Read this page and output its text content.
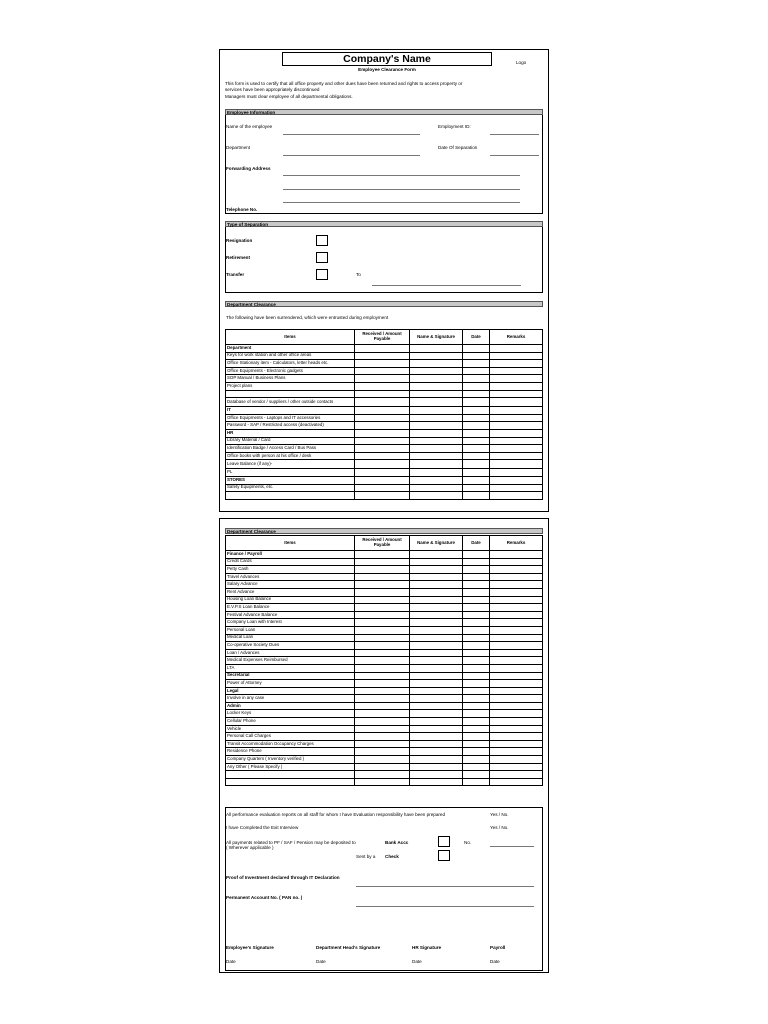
Company's Name
Employee Clearance Form
Logo
This form is used to certify that all office property and other dues have been returned and rights to access property or
services have been appropriately discontinued
Managers must clear employee of all departmental obligations.
Employee Information
Name of the employee	Employment ID:
Department	Date Of Separation
Forwarding Address
Telephone No.
Type of Separation
Resignation
Retirement
Transfer	To
Department Clearance
The following have been surrendered, which were entrusted during employment
Items	Received / Amount Payable	Name & Signature	Date	Remarks
Department				
Keys for work station and other office areas				
Office Stationary item - Calculators, letter heads etc.				
Office Equipments - Electronic gadgets				
SOP Manual / Business Plans				
Project plans				

Database of vendor / suppliers / other outside contacts				
IT				
Office Equipments - Laptops and IT accessories				
Password - SAP / Restricted access (deactivated)				
HR				
Library Material / Card				
Identification Badge / Access Card / Bus Pass				
Office books with person at his office / desk				
Leave Balance (if any)-				
PL				
STORES				
Safety Equipments, etc.				

Department Clearance
Items	Received / Amount Payable	Name & Signature	Date	Remarks
Finance / Payroll				
Credit Cards				
Petty Cash				
Travel Advances				
Salary Advance				
Rent Advance				
Housing Loan Balance				
E.V.P.S Loan Balance				
Festival Advance Balance				
Company Loan with Interest				
Personal Loan				
Medical Loan				
Co-operative Society Dues				
Loan / Advances				
Medical Expenses Reimbursed				
LTA				
Secretarial				
Power of Attorney				
Legal				
Involve in any case				
Admin				
Locker Keys				
Cellular Phone				
Vehicle				
Personal Call Charges				
Transit Accommodation Occupancy Charges				
Residence Phone				
Company Quarters ( Inventory verified )				
Any Other ( Please Specify )				

All performance evaluation reports on all staff for whom I have Evaluation responsibility have been prepared	Yes / No.
I have Completed the Exit Interview	Yes / No.
All payments related to PF / SAF / Pension may be deposited to
( Wherever applicable )
Bank Accc	No.
Sent by a Check
Proof of Investment declared through IT Declaration
Permanent Account No. ( PAN no. )
Employee's Signature	Department Head's Signature	HR Signature	Payroll
Date	Date	Date	Date
